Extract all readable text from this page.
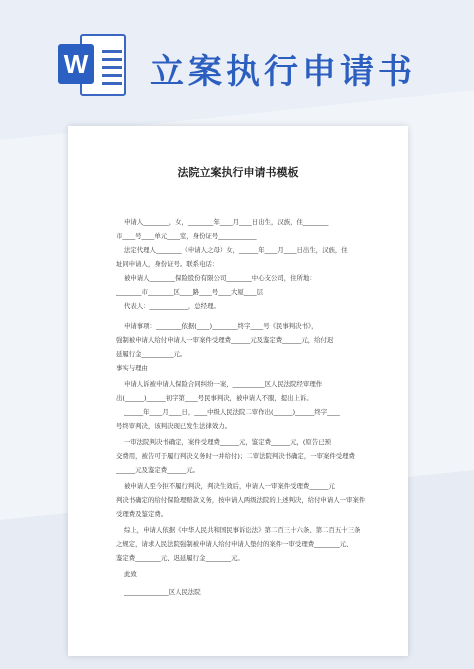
W 立案执行申请书
法院立案执行申请书模板
申请人________，女，________年____月____日出生，汉族，住________
市____号____单元____室，身份证号____________
法定代理人________（申请人之母）女，______年____月____日出生，汉族，住
址同申请人，身份证号。联系电话：
被申请人________保险股份有限公司________中心支公司，住所地：
________市________区____路____号____大厦____层
代表人：____________，总经理。
申请事项：________依据(____)________终字____号《民事判决书》，
强制被申请人给付申请人一审案件受理费______元及鉴定费______元，给付迟
延履行金__________元。
事实与理由
申请人诉被申请人保险合同纠纷一案，__________区人民法院经审理作
出(______)______初字第____号民事判决，被申请人不服，提出上诉。
______年____月____日，____中级人民法院二审作出(______)______终字____
号终审判决，该判决现已发生法律效力。
一审法院判决书确定，案件受理费______元，鉴定费______元，(原告已预
交费用，被告可于履行判决义务时一并给付)；二审法院判决书确定，一审案件受理费
______元及鉴定费______元。
被申请人至今拒不履行判决，判决生效后，申请人一审案件受理费______元
判决书确定的给付保险理赔款义务，按申请人两级法院的上述判决，给付申请人一审案件
受理费及鉴定费。
综上，申请人依据《中华人民共和国民事诉讼法》第二百三十六条、第二百五十三条
之规定，请求人民法院强制被申请人给付申请人垫付的案件一审受理费________元、
鉴定费________元、迟延履行金________元。
此致
______________区人民法院
